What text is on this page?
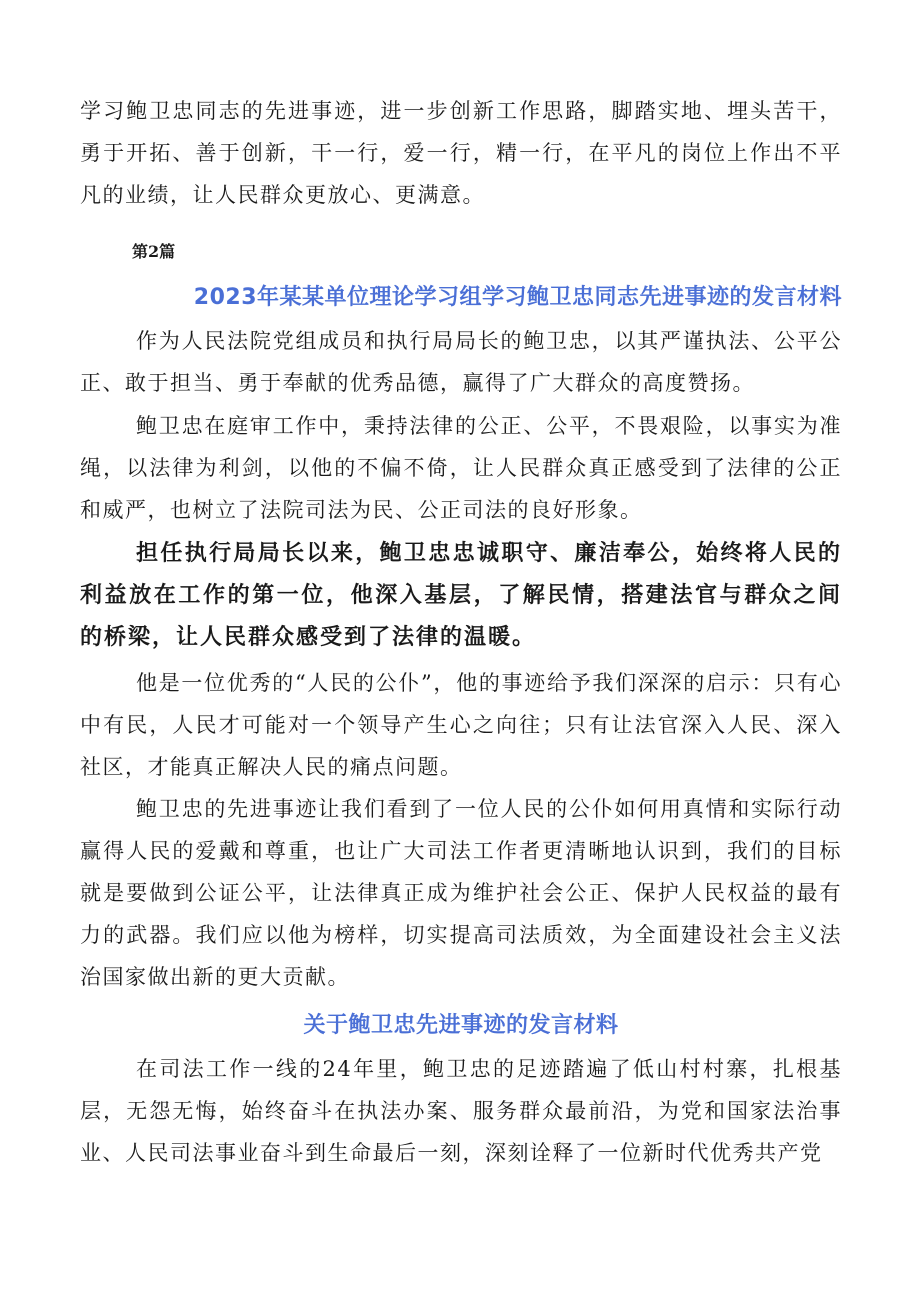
学习鲍卫忠同志的先进事迹，进一步创新工作思路，脚踏实地、埋头苦干，勇于开拓、善于创新，干一行，爱一行，精一行，在平凡的岗位上作出不平凡的业绩，让人民群众更放心、更满意。

第2篇

2023年某某单位理论学习组学习鲍卫忠同志先进事迹的发言材料

作为人民法院党组成员和执行局局长的鲍卫忠，以其严谨执法、公平公正、敢于担当、勇于奉献的优秀品德，赢得了广大群众的高度赞扬。

鲍卫忠在庭审工作中，秉持法律的公正、公平，不畏艰险，以事实为准绳，以法律为利剑，以他的不偏不倚，让人民群众真正感受到了法律的公正和威严，也树立了法院司法为民、公正司法的良好形象。

担任执行局局长以来，鲍卫忠忠诚职守、廉洁奉公，始终将人民的利益放在工作的第一位，他深入基层，了解民情，搭建法官与群众之间的桥梁，让人民群众感受到了法律的温暖。

他是一位优秀的“人民的公仆”，他的事迹给予我们深深的启示：只有心中有民，人民才可能对一个领导产生心之向往；只有让法官深入人民、深入社区，才能真正解决人民的痛点问题。

鲍卫忠的先进事迹让我们看到了一位人民的公仆如何用真情和实际行动赢得人民的爱戴和尊重，也让广大司法工作者更清晰地认识到，我们的目标就是要做到公证公平，让法律真正成为维护社会公正、保护人民权益的最有力的武器。我们应以他为榜样，切实提高司法质效，为全面建设社会主义法治国家做出新的更大贡献。

关于鲍卫忠先进事迹的发言材料

在司法工作一线的24年里，鲍卫忠的足迹踏遍了低山村村寨，扎根基层，无怨无悔，始终奋斗在执法办案、服务群众最前沿，为党和国家法治事业、人民司法事业奋斗到生命最后一刻，深刻诠释了一位新时代优秀共产党
